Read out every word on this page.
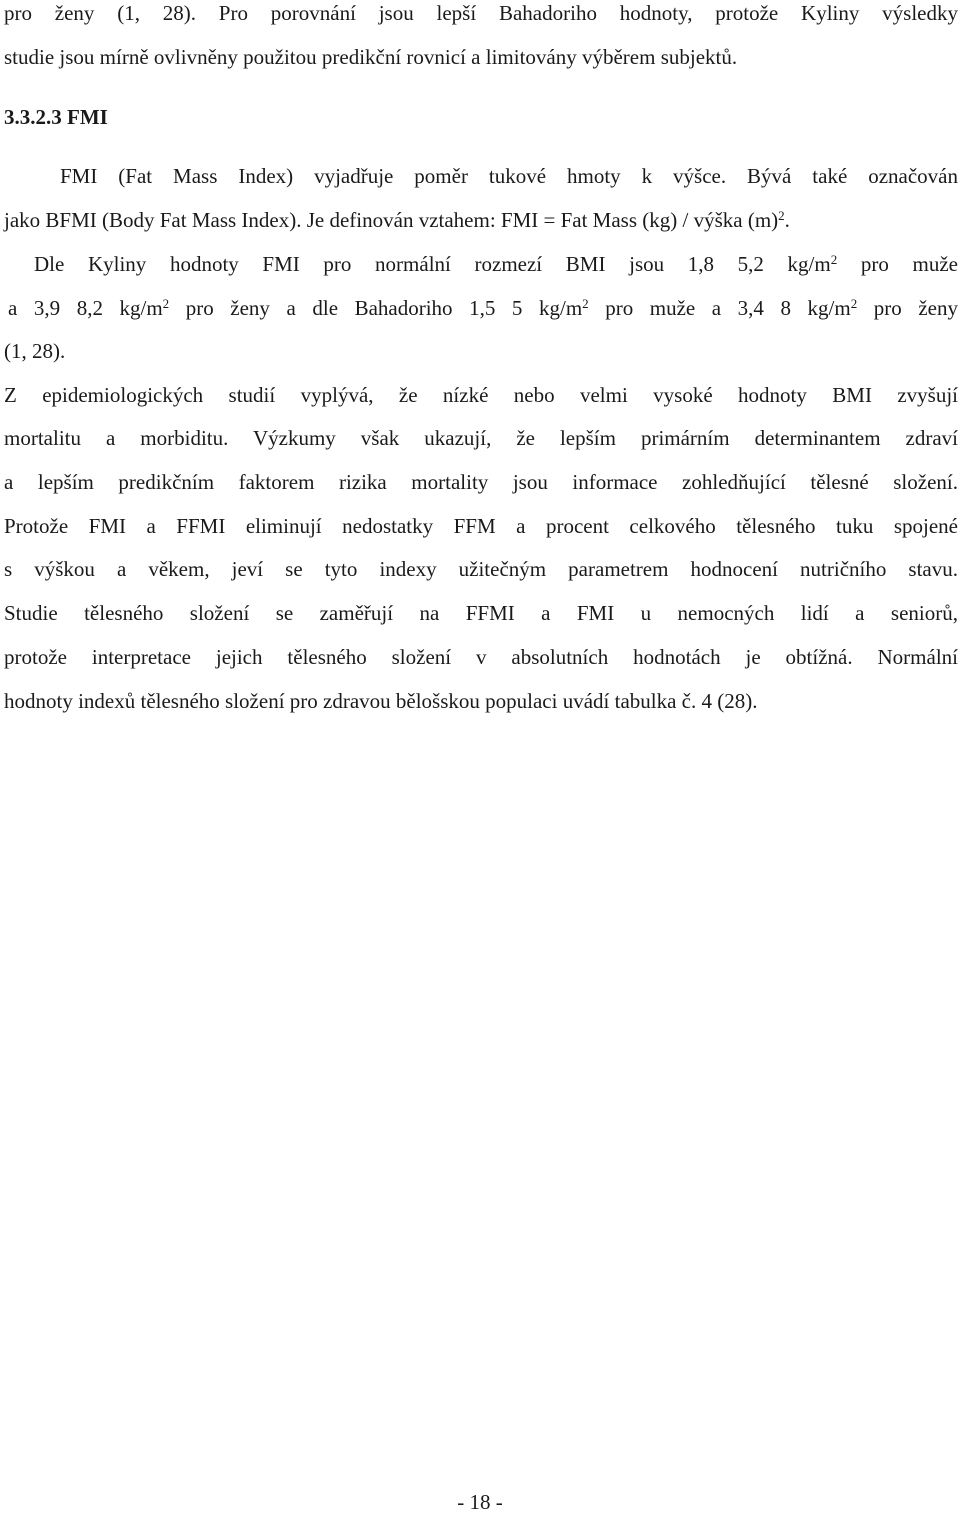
pro ženy (1, 28). Pro porovnání jsou lepší Bahadoriho hodnoty, protože Kyliny výsledky
studie jsou mírně ovlivněny použitou predikční rovnicí a limitovány výběrem subjektů.
3.3.2.3 FMI
FMI (Fat Mass Index) vyjadřuje poměr tukové hmoty k výšce. Bývá také označován
jako BFMI (Body Fat Mass Index). Je definován vztahem: FMI = Fat Mass (kg) / výška $(m)^2$.
Dle Kyliny hodnoty FMI pro normální rozmezí BMI jsou 1,8 5,2 $kg/m^2$ pro muže
a 3,9 8,2 $kg/m^2$ pro ženy a dle Bahadoriho 1,5 5 $kg/m^2$ pro muže a 3,4 8 $kg/m^2$ pro ženy
(1, 28).
Z epidemiologických studií vyplývá, že nízké nebo velmi vysoké hodnoty BMI zvyšují
mortalitu a morbiditu. Výzkumy však ukazují, že lepším primárním determinantem zdraví
a lepším predikčním faktorem rizika mortality jsou informace zohledňující tělesné složení.
Protože FMI a FFMI eliminují nedostatky FFM a procent celkového tělesného tuku spojené
s výškou a věkem, jeví se tyto indexy užitečným parametrem hodnocení nutričního stavu.
Studie tělesného složení se zaměřují na FFMI a FMI u nemocných lidí a seniorů,
protože interpretace jejich tělesného složení v absolutních hodnotách je obtížná. Normální
hodnoty indexů tělesného složení pro zdravou bělošskou populaci uvádí tabulka č. 4 (28).
- 18 -
